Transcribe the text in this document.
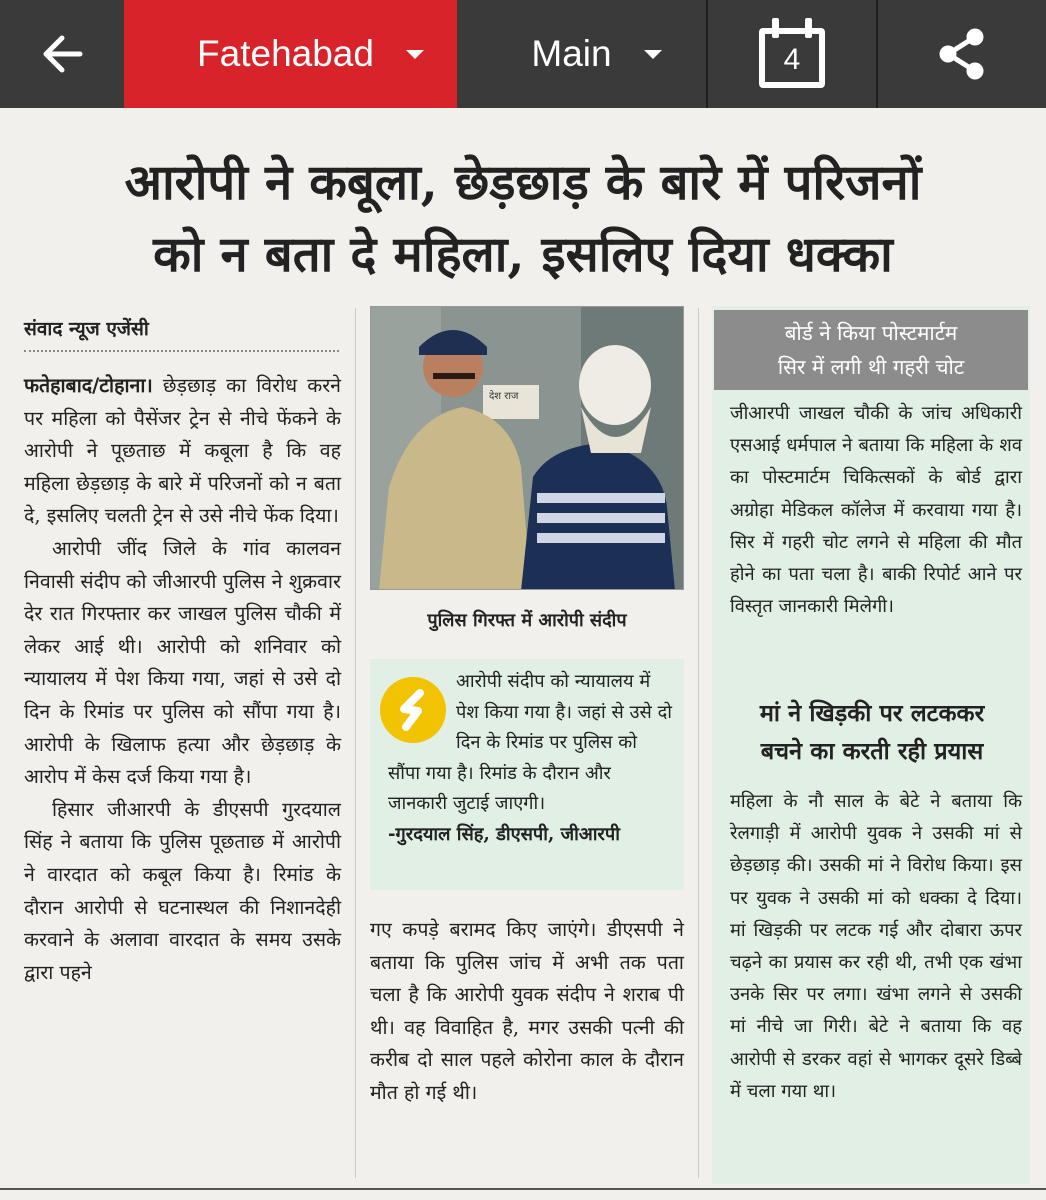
Fatehabad	Main	4
आरोपी ने कबूला, छेड़छाड़ के बारे में परिजनों
को न बता दे महिला, इसलिए दिया धक्का
संवाद न्यूज एजेंसी

फतेहाबाद/टोहाना। छेड़छाड़ का विरोध करने पर महिला को पैसेंजर ट्रेन से नीचे फेंकने के आरोपी ने पूछताछ में कबूला है कि वह महिला छेड़छाड़ के बारे में परिजनों को न बता दे, इसलिए चलती ट्रेन से उसे नीचे फेंक दिया।

आरोपी जींद जिले के गांव कालवन निवासी संदीप को जीआरपी पुलिस ने शुक्रवार देर रात गिरफ्तार कर जाखल पुलिस चौकी में लेकर आई थी। आरोपी को शनिवार को न्यायालय में पेश किया गया, जहां से उसे दो दिन के रिमांड पर पुलिस को सौंपा गया है। आरोपी के खिलाफ हत्या और छेड़छाड़ के आरोप में केस दर्ज किया गया है।

हिसार जीआरपी के डीएसपी गुरदयाल सिंह ने बताया कि पुलिस पूछताछ में आरोपी ने वारदात को कबूल किया है। रिमांड के दौरान आरोपी से घटनास्थल की निशानदेही करवाने के अलावा वारदात के समय उसके द्वारा पहने

देश राज
पुलिस गिरफ्त में आरोपी संदीप
आरोपी संदीप को न्यायालय में पेश किया गया है। जहां से उसे दो दिन के रिमांड पर पुलिस को सौंपा गया है। रिमांड के दौरान और जानकारी जुटाई जाएगी।
-गुरदयाल सिंह, डीएसपी, जीआरपी

गए कपड़े बरामद किए जाएंगे। डीएसपी ने बताया कि पुलिस जांच में अभी तक पता चला है कि आरोपी युवक संदीप ने शराब पी थी। वह विवाहित है, मगर उसकी पत्नी की करीब दो साल पहले कोरोना काल के दौरान मौत हो गई थी।

बोर्ड ने किया पोस्टमार्टम
सिर में लगी थी गहरी चोट
जीआरपी जाखल चौकी के जांच अधिकारी एसआई धर्मपाल ने बताया कि महिला के शव का पोस्टमार्टम चिकित्सकों के बोर्ड द्वारा अग्रोहा मेडिकल कॉलेज में करवाया गया है। सिर में गहरी चोट लगने से महिला की मौत होने का पता चला है। बाकी रिपोर्ट आने पर विस्तृत जानकारी मिलेगी।
मां ने खिड़की पर लटककर
बचने का करती रही प्रयास
महिला के नौ साल के बेटे ने बताया कि रेलगाड़ी में आरोपी युवक ने उसकी मां से छेड़छाड़ की। उसकी मां ने विरोध किया। इस पर युवक ने उसकी मां को धक्का दे दिया। मां खिड़की पर लटक गई और दोबारा ऊपर चढ़ने का प्रयास कर रही थी, तभी एक खंभा उनके सिर पर लगा। खंभा लगने से उसकी मां नीचे जा गिरी। बेटे ने बताया कि वह आरोपी से डरकर वहां से भागकर दूसरे डिब्बे में चला गया था।
